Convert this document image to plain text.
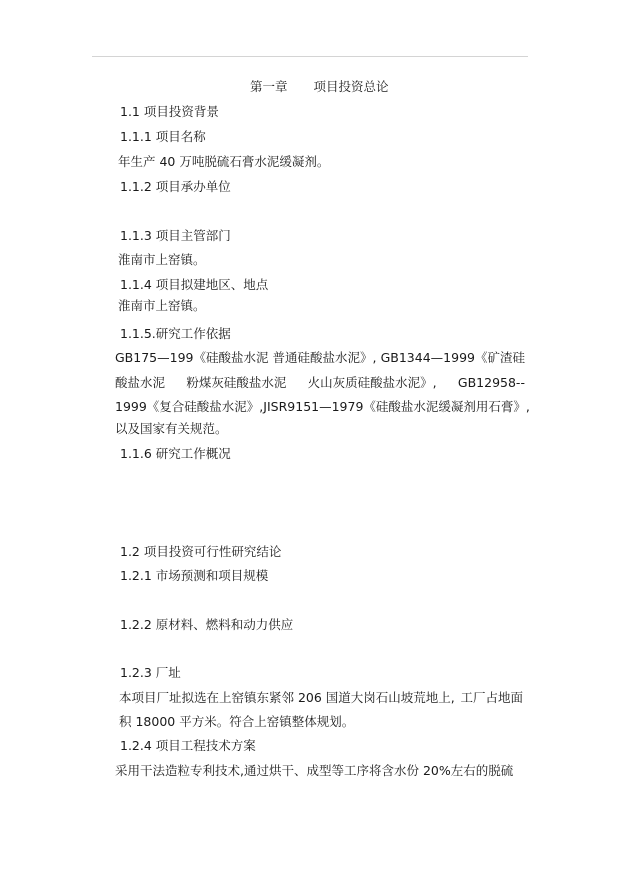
第一章 项目投资总论
1.1 项目投资背景
1.1.1 项目名称
年生产 40 万吨脱硫石膏水泥缓凝剂。
1.1.2 项目承办单位
1.1.3 项目主管部门
淮南市上窑镇。
1.1.4 项目拟建地区、地点
淮南市上窑镇。
1.1.5.研究工作依据
GB175—199《硅酸盐水泥 普通硅酸盐水泥》, GB1344—1999《矿渣硅
酸盐水泥 粉煤灰硅酸盐水泥 火山灰质硅酸盐水泥》, GB12958--
1999《复合硅酸盐水泥》, JISR9151—1979《硅酸盐水泥缓凝剂用石膏》,
以及国家有关规范。
1.1.6 研究工作概况
1.2 项目投资可行性研究结论
1.2.1 市场预测和项目规模
1.2.2 原材料、燃料和动力供应
1.2.3 厂址
本项目厂址拟选在上窑镇东紧邻 206 国道大岗石山坡荒地上, 工厂占地面
积 18000 平方米。符合上窑镇整体规划。
1.2.4 项目工程技术方案
采用干法造粒专利技术, 通过烘干、成型等工序将含水份 20%左右的脱硫
